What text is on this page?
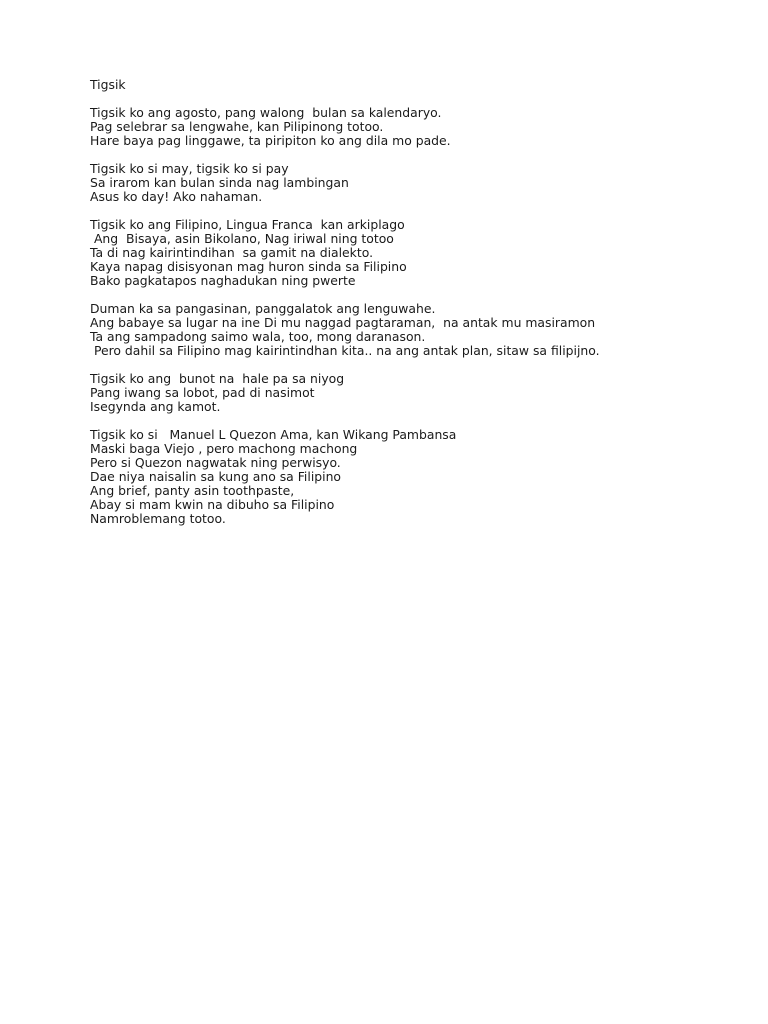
Tigsik
Tigsik ko ang agosto, pang walong  bulan sa kalendaryo.
Pag selebrar sa lengwahe, kan Pilipinong totoo.
Hare baya pag linggawe, ta piripiton ko ang dila mo pade.
Tigsik ko si may, tigsik ko si pay
Sa irarom kan bulan sinda nag lambingan
Asus ko day! Ako nahaman.
Tigsik ko ang Filipino, Lingua Franca  kan arkiplago
Ang  Bisaya, asin Bikolano, Nag iriwal ning totoo
Ta di nag kairintindihan  sa gamit na dialekto.
Kaya napag disisyonan mag huron sinda sa Filipino
Bako pagkatapos naghadukan ning pwerte
Duman ka sa pangasinan, panggalatok ang lenguwahe.
Ang babaye sa lugar na ine Di mu naggad pagtaraman,  na antak mu masiramon
Ta ang sampadong saimo wala, too, mong daranason.
Pero dahil sa Filipino mag kairintindhan kita.. na ang antak plan, sitaw sa filipijno.
Tigsik ko ang  bunot na  hale pa sa niyog
Pang iwang sa lobot, pad di nasimot
Isegynda ang kamot.
Tigsik ko si   Manuel L Quezon Ama, kan Wikang Pambansa
Maski baga Viejo , pero machong machong
Pero si Quezon nagwatak ning perwisyo.
Dae niya naisalin sa kung ano sa Filipino
Ang brief, panty asin toothpaste,
Abay si mam kwin na dibuho sa Filipino
Namroblemang totoo.
